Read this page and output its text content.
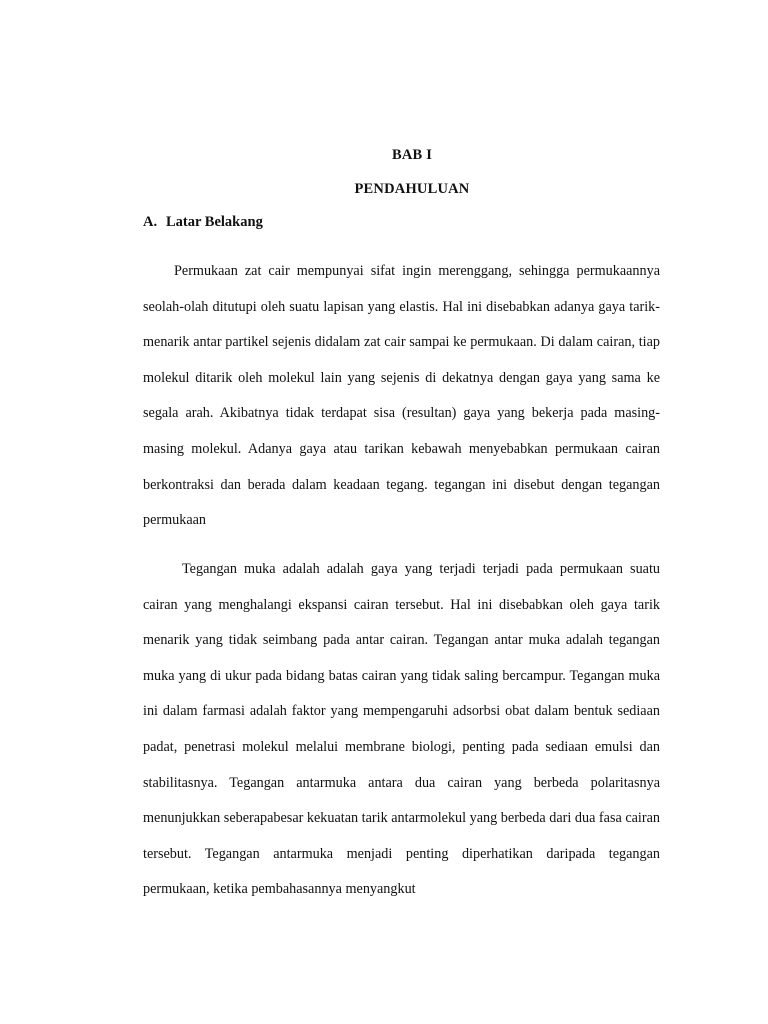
BAB I
PENDAHULUAN
A. Latar Belakang

Permukaan zat cair mempunyai sifat ingin merenggang, sehingga permukaannya seolah-olah ditutupi oleh suatu lapisan yang elastis. Hal ini disebabkan adanya gaya tarik-menarik antar partikel sejenis didalam zat cair sampai ke permukaan. Di dalam cairan, tiap molekul ditarik oleh molekul lain yang sejenis di dekatnya dengan gaya yang sama ke segala arah. Akibatnya tidak terdapat sisa (resultan) gaya yang bekerja pada masing-masing molekul. Adanya gaya atau tarikan kebawah menyebabkan permukaan cairan berkontraksi dan berada dalam keadaan tegang. tegangan ini disebut dengan tegangan permukaan

Tegangan muka adalah adalah gaya yang terjadi terjadi pada permukaan suatu cairan yang menghalangi ekspansi cairan tersebut. Hal ini disebabkan oleh gaya tarik menarik yang tidak seimbang pada antar cairan. Tegangan antar muka adalah tegangan muka yang di ukur pada bidang batas cairan yang tidak saling bercampur. Tegangan muka ini dalam farmasi adalah faktor yang mempengaruhi adsorbsi obat dalam bentuk sediaan padat, penetrasi molekul melalui membrane biologi, penting pada sediaan emulsi dan stabilitasnya. Tegangan antarmuka antara dua cairan yang berbeda polaritasnya menunjukkan seberapabesar kekuatan tarik antarmolekul yang berbeda dari dua fasa cairan tersebut. Tegangan antarmuka menjadi penting diperhatikan daripada tegangan permukaan, ketika pembahasannya menyangkut
